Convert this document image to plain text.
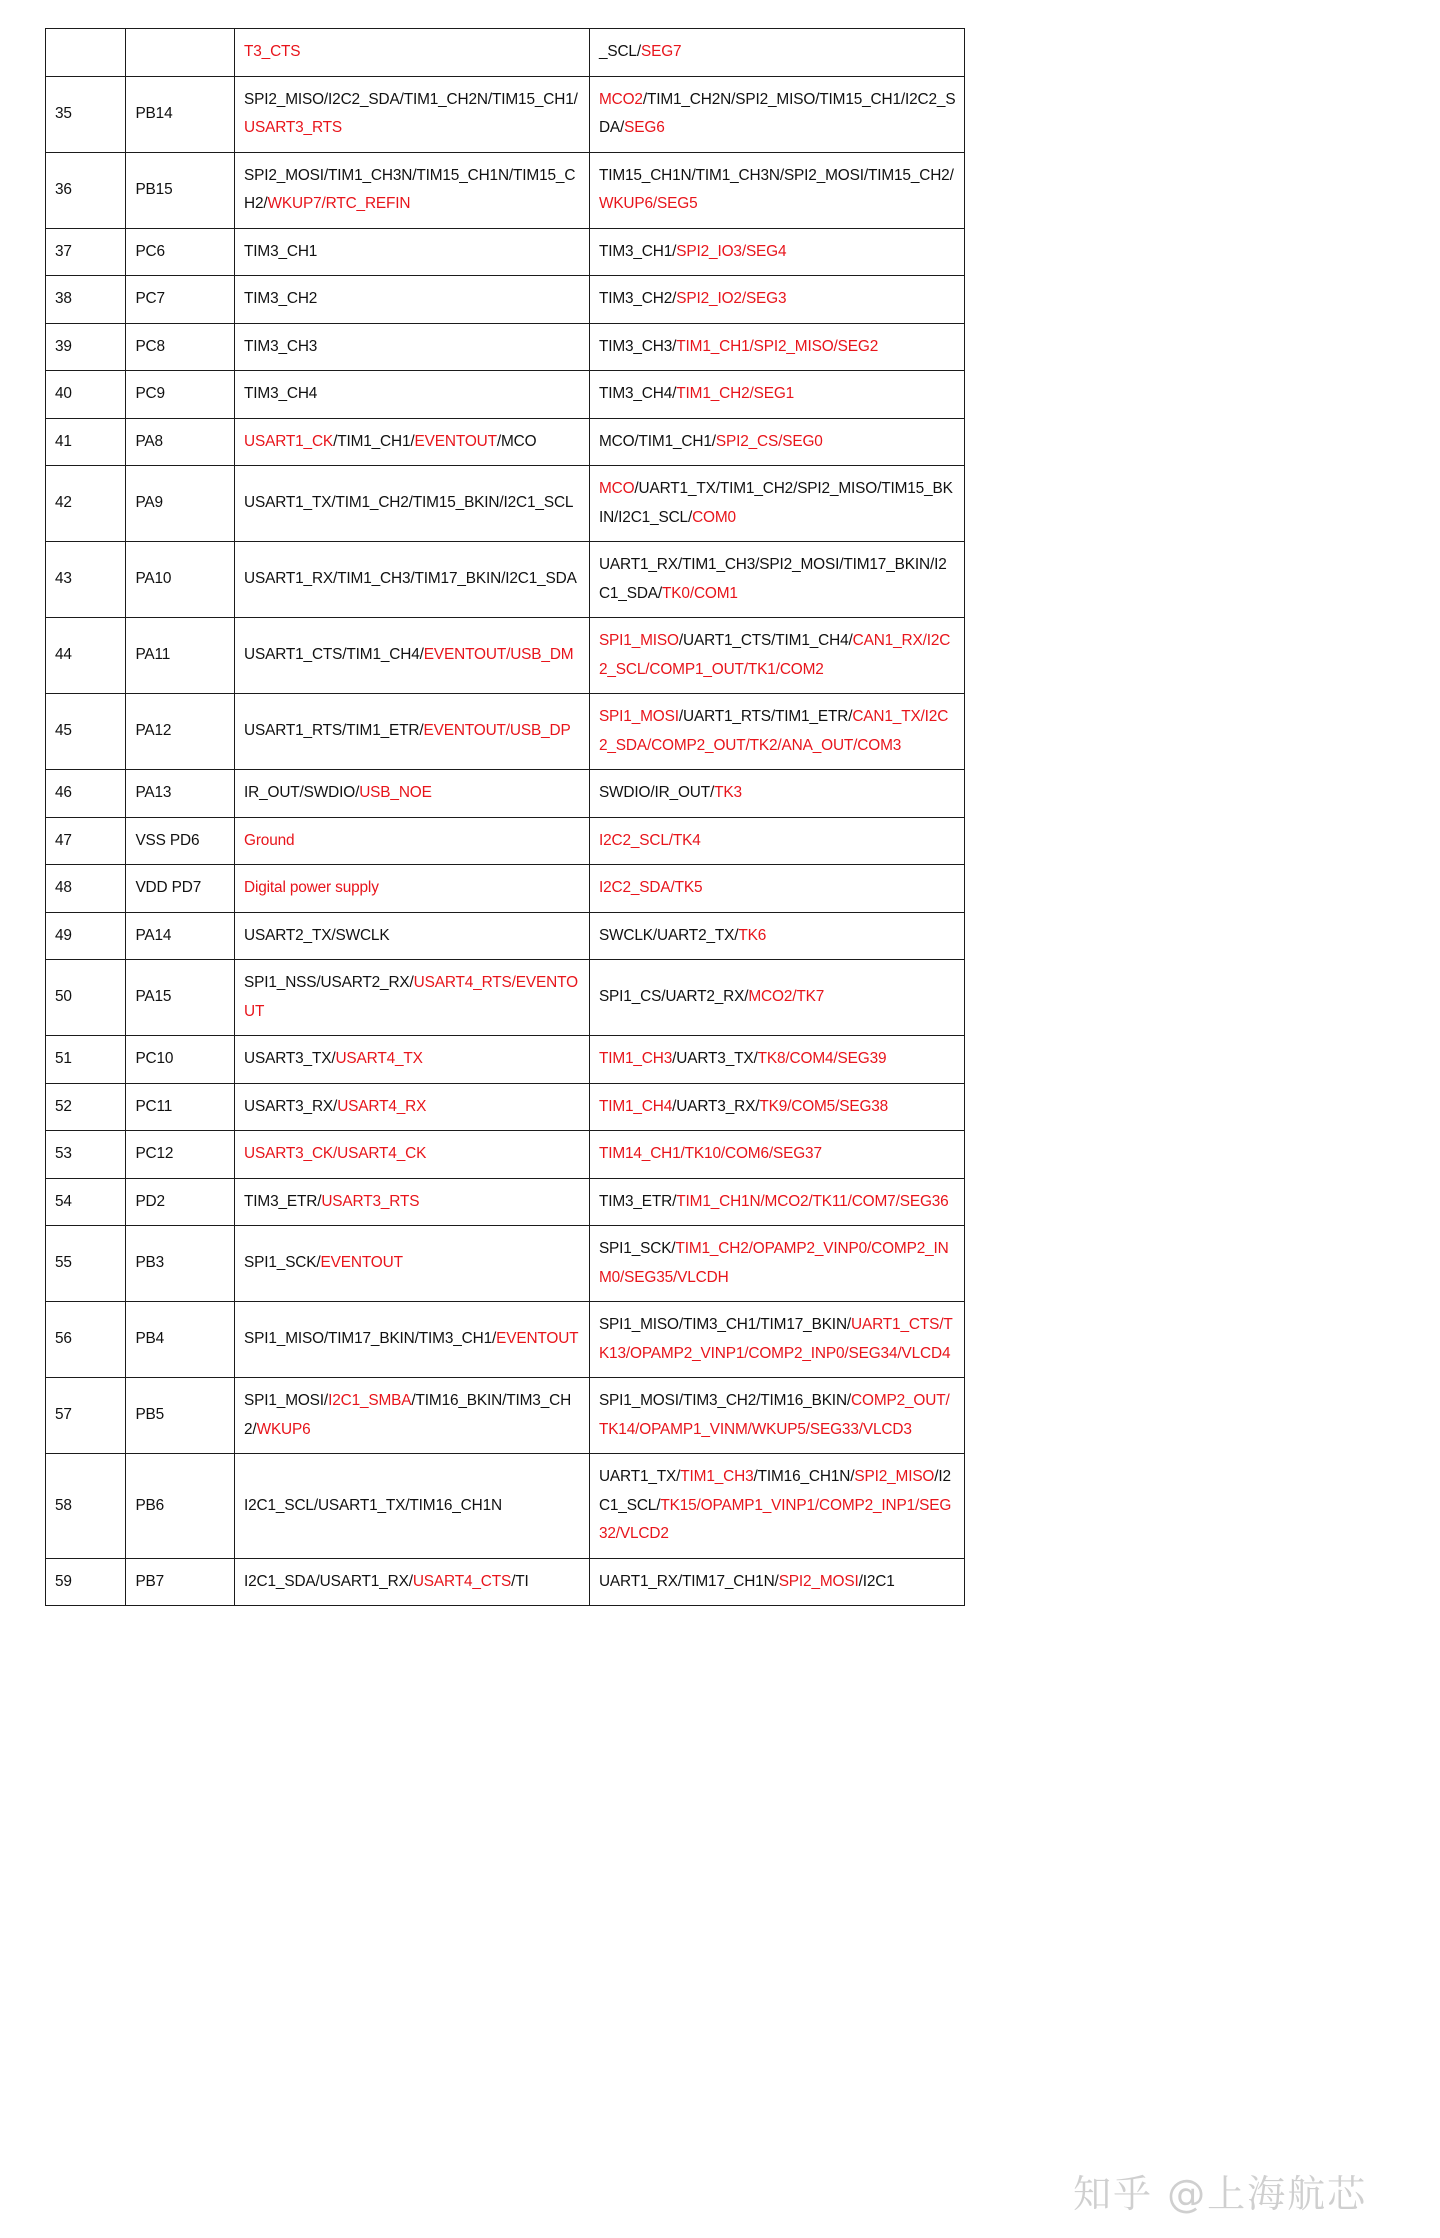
		T3_CTS	_SCL/SEG7
35	PB14	SPI2_MISO/I2C2_SDA/TIM1_CH2N/TIM15_CH1/USART3_RTS	MCO2/TIM1_CH2N/SPI2_MISO/TIM15_CH1/I2C2_SDA/SEG6
36	PB15	SPI2_MOSI/TIM1_CH3N/TIM15_CH1N/TIM15_CH2/WKUP7/RTC_REFIN	TIM15_CH1N/TIM1_CH3N/SPI2_MOSI/TIM15_CH2/WKUP6/SEG5
37	PC6	TIM3_CH1	TIM3_CH1/SPI2_IO3/SEG4
38	PC7	TIM3_CH2	TIM3_CH2/SPI2_IO2/SEG3
39	PC8	TIM3_CH3	TIM3_CH3/TIM1_CH1/SPI2_MISO/SEG2
40	PC9	TIM3_CH4	TIM3_CH4/TIM1_CH2/SEG1
41	PA8	USART1_CK/TIM1_CH1/EVENTOUT/MCO	MCO/TIM1_CH1/SPI2_CS/SEG0
42	PA9	USART1_TX/TIM1_CH2/TIM15_BKIN/I2C1_SCL	MCO/UART1_TX/TIM1_CH2/SPI2_MISO/TIM15_BKIN/I2C1_SCL/COM0
43	PA10	USART1_RX/TIM1_CH3/TIM17_BKIN/I2C1_SDA	UART1_RX/TIM1_CH3/SPI2_MOSI/TIM17_BKIN/I2C1_SDA/TK0/COM1
44	PA11	USART1_CTS/TIM1_CH4/EVENTOUT/USB_DM	SPI1_MISO/UART1_CTS/TIM1_CH4/CAN1_RX/I2C2_SCL/COMP1_OUT/TK1/COM2
45	PA12	USART1_RTS/TIM1_ETR/EVENTOUT/USB_DP	SPI1_MOSI/UART1_RTS/TIM1_ETR/CAN1_TX/I2C2_SDA/COMP2_OUT/TK2/ANA_OUT/COM3
46	PA13	IR_OUT/SWDIO/USB_NOE	SWDIO/IR_OUT/TK3
47	VSS PD6	Ground	I2C2_SCL/TK4
48	VDD PD7	Digital power supply	I2C2_SDA/TK5
49	PA14	USART2_TX/SWCLK	SWCLK/UART2_TX/TK6
50	PA15	SPI1_NSS/USART2_RX/USART4_RTS/EVENTOUT	SPI1_CS/UART2_RX/MCO2/TK7
51	PC10	USART3_TX/USART4_TX	TIM1_CH3/UART3_TX/TK8/COM4/SEG39
52	PC11	USART3_RX/USART4_RX	TIM1_CH4/UART3_RX/TK9/COM5/SEG38
53	PC12	USART3_CK/USART4_CK	TIM14_CH1/TK10/COM6/SEG37
54	PD2	TIM3_ETR/USART3_RTS	TIM3_ETR/TIM1_CH1N/MCO2/TK11/COM7/SEG36
55	PB3	SPI1_SCK/EVENTOUT	SPI1_SCK/TIM1_CH2/OPAMP2_VINP0/COMP2_INM0/SEG35/VLCDH
56	PB4	SPI1_MISO/TIM17_BKIN/TIM3_CH1/EVENTOUT	SPI1_MISO/TIM3_CH1/TIM17_BKIN/UART1_CTS/TK13/OPAMP2_VINP1/COMP2_INP0/SEG34/VLCD4
57	PB5	SPI1_MOSI/I2C1_SMBA/TIM16_BKIN/TIM3_CH2/WKUP6	SPI1_MOSI/TIM3_CH2/TIM16_BKIN/COMP2_OUT/TK14/OPAMP1_VINM/WKUP5/SEG33/VLCD3
58	PB6	I2C1_SCL/USART1_TX/TIM16_CH1N	UART1_TX/TIM1_CH3/TIM16_CH1N/SPI2_MISO/I2C1_SCL/TK15/OPAMP1_VINP1/COMP2_INP1/SEG32/VLCD2
59	PB7	I2C1_SDA/USART1_RX/USART4_CTS/TI	UART1_RX/TIM17_CH1N/SPI2_MOSI/I2C1
知乎 @上海航芯
